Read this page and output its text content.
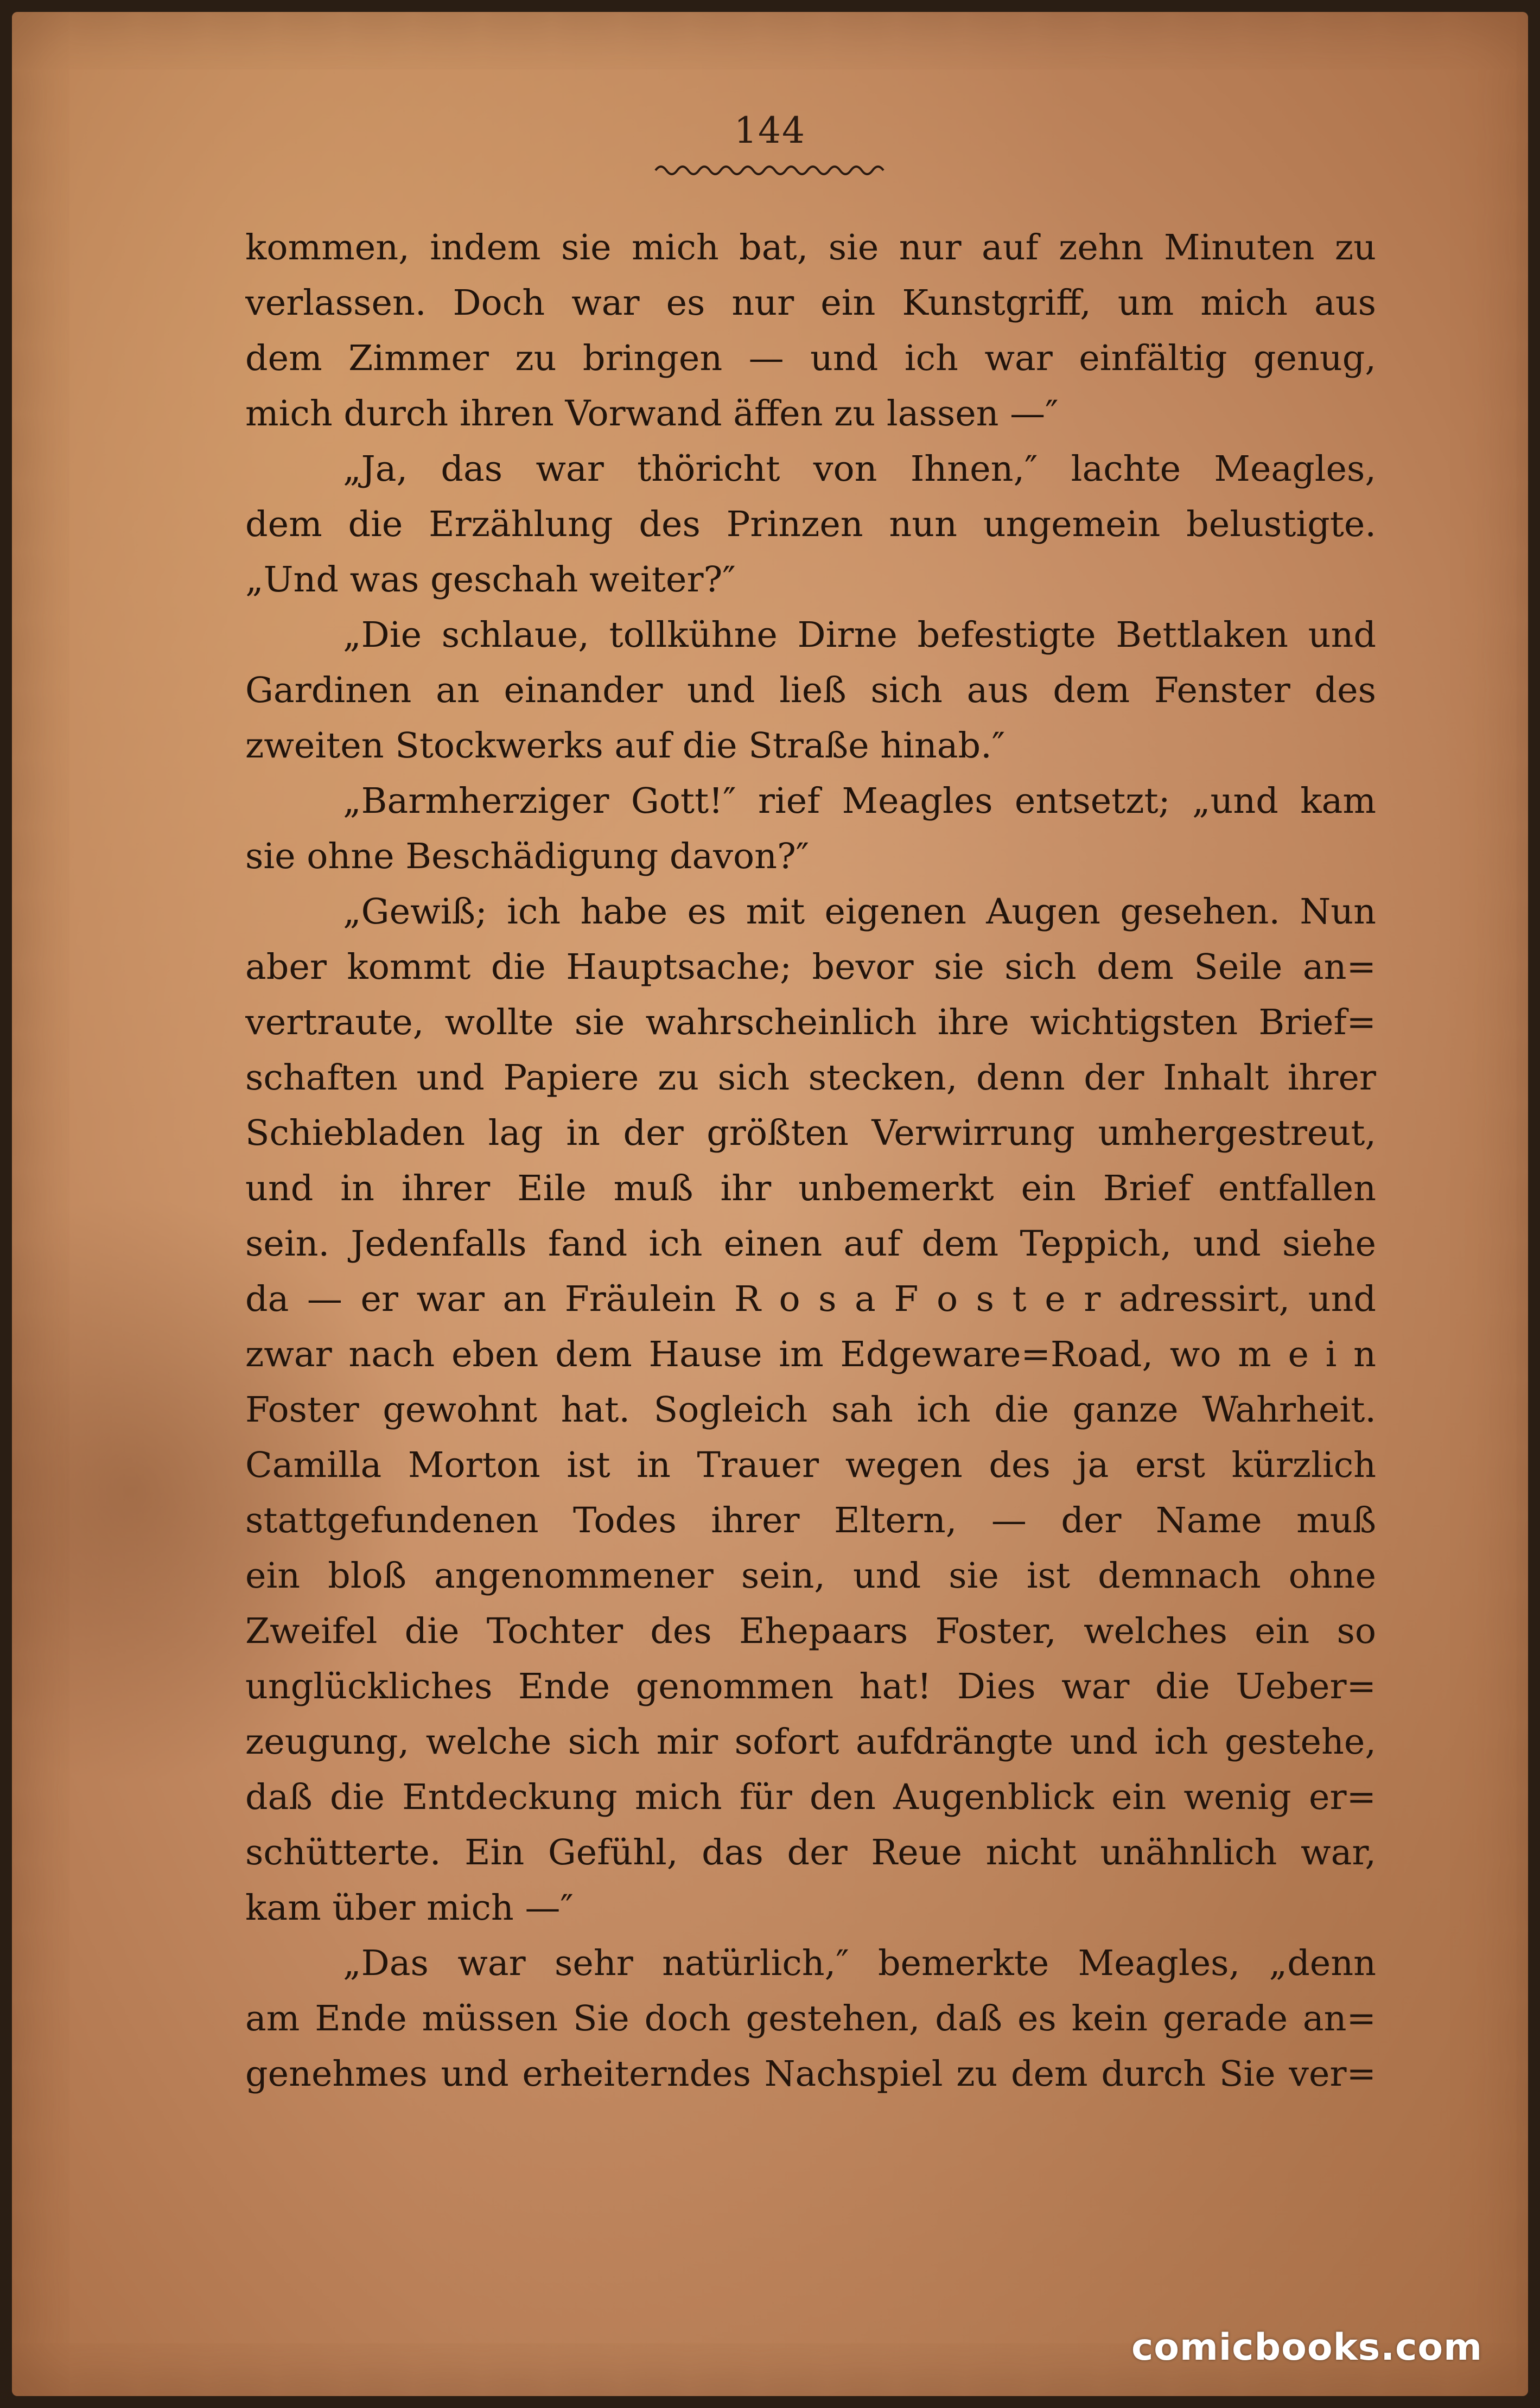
144
kommen, indem sie mich bat, sie nur auf zehn Minuten zu
verlassen. Doch war es nur ein Kunstgriff, um mich aus
dem Zimmer zu bringen — und ich war einfältig genug,
mich durch ihren Vorwand äffen zu lassen —″
„Ja, das war thöricht von Ihnen,″ lachte Meagles,
dem die Erzählung des Prinzen nun ungemein belustigte.
„Und was geschah weiter?″
„Die schlaue, tollkühne Dirne befestigte Bettlaken und
Gardinen an einander und ließ sich aus dem Fenster des
zweiten Stockwerks auf die Straße hinab.″
„Barmherziger Gott!″ rief Meagles entsetzt; „und kam
sie ohne Beschädigung davon?″
„Gewiß; ich habe es mit eigenen Augen gesehen. Nun
aber kommt die Hauptsache; bevor sie sich dem Seile an=
vertraute, wollte sie wahrscheinlich ihre wichtigsten Brief=
schaften und Papiere zu sich stecken, denn der Inhalt ihrer
Schiebladen lag in der größten Verwirrung umhergestreut,
und in ihrer Eile muß ihr unbemerkt ein Brief entfallen
sein. Jedenfalls fand ich einen auf dem Teppich, und siehe
da — er war an Fräulein R o s a F o s t e r adressirt, und
zwar nach eben dem Hause im Edgeware=Road, wo m e i n
Foster gewohnt hat. Sogleich sah ich die ganze Wahrheit.
Camilla Morton ist in Trauer wegen des ja erst kürzlich
stattgefundenen Todes ihrer Eltern, — der Name muß
ein bloß angenommener sein, und sie ist demnach ohne
Zweifel die Tochter des Ehepaars Foster, welches ein so
unglückliches Ende genommen hat! Dies war die Ueber=
zeugung, welche sich mir sofort aufdrängte und ich gestehe,
daß die Entdeckung mich für den Augenblick ein wenig er=
schütterte. Ein Gefühl, das der Reue nicht unähnlich war,
kam über mich —″
„Das war sehr natürlich,″ bemerkte Meagles, „denn
am Ende müssen Sie doch gestehen, daß es kein gerade an=
genehmes und erheiterndes Nachspiel zu dem durch Sie ver=
comicbooks.com
